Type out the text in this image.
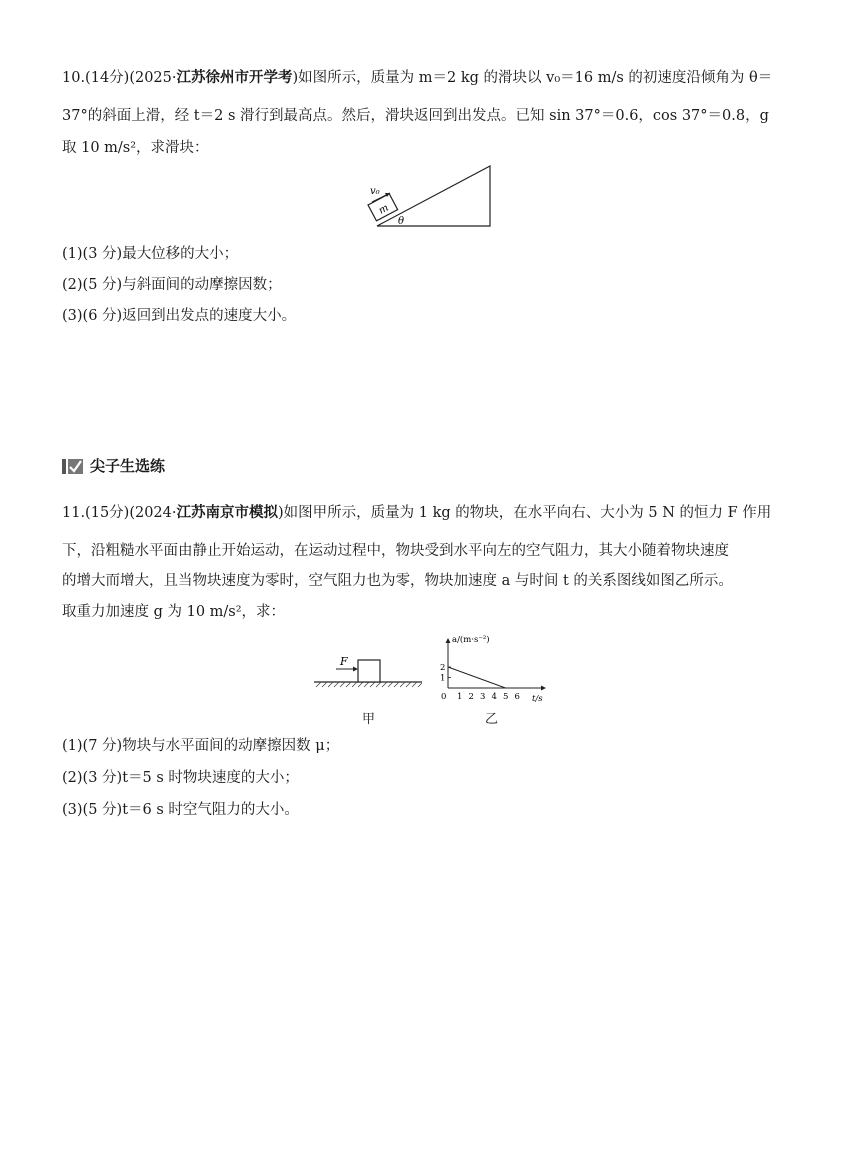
10.(14分)(2025·江苏徐州市开学考)如图所示，质量为 m＝2 kg 的滑块以 v₀＝16 m/s 的初速度沿倾角为 θ＝
37°的斜面上滑，经 t＝2 s 滑行到最高点。然后，滑块返回到出发点。已知 sin 37°＝0.6，cos 37°＝0.8，g
取 10 m/s²，求滑块：
m
v₀
θ
(1)(3 分)最大位移的大小；
(2)(5 分)与斜面间的动摩擦因数；
(3)(6 分)返回到出发点的速度大小。
尖子生选练
11.(15分)(2024·江苏南京市模拟)如图甲所示，质量为 1 kg 的物块，在水平向右、大小为 5 N 的恒力 F 作用
下，沿粗糙水平面由静止开始运动，在运动过程中，物块受到水平向左的空气阻力，其大小随着物块速度
的增大而增大，且当物块速度为零时，空气阻力也为零，物块加速度 a 与时间 t 的关系图线如图乙所示。
取重力加速度 g 为 10 m/s²，求：
F
甲
a/(m·s⁻²)
t/s
0 1 2 3 4 5 6
1
2
乙
(1)(7 分)物块与水平面间的动摩擦因数 μ；
(2)(3 分)t＝5 s 时物块速度的大小；
(3)(5 分)t＝6 s 时空气阻力的大小。
